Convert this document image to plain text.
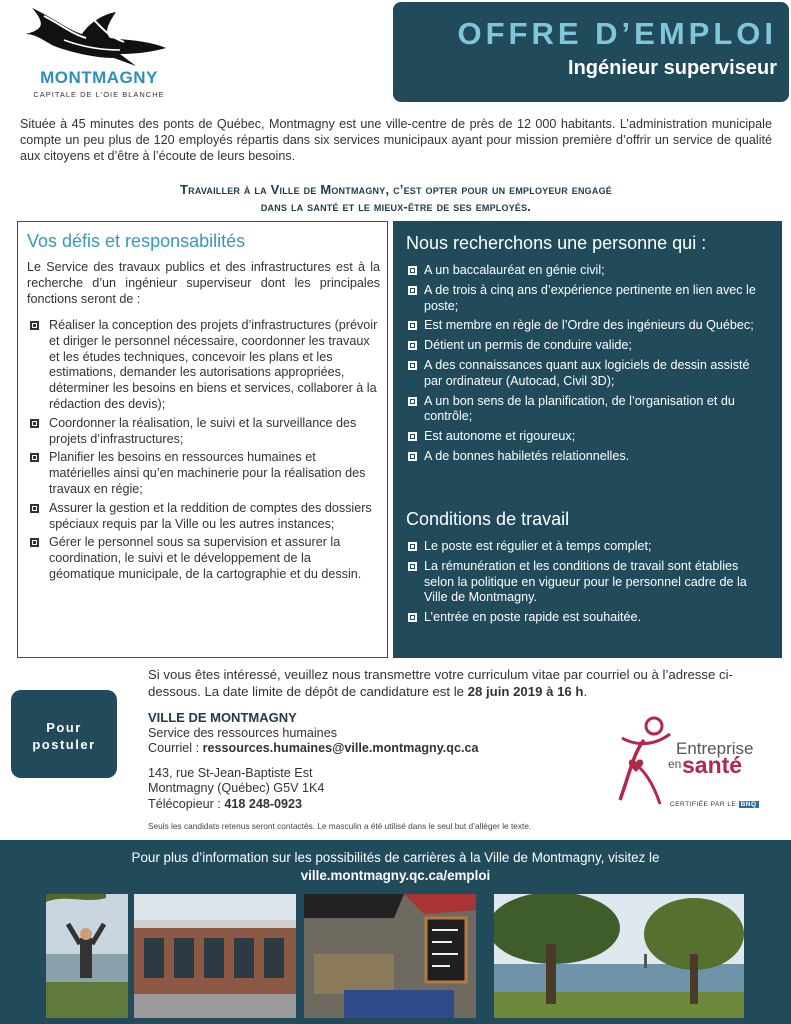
MONTMAGNY
CAPITALE DE L'OIE BLANCHE
OFFRE D’EMPLOI
Ingénieur superviseur

Située à 45 minutes des ponts de Québec, Montmagny est une ville-centre de près de 12 000 habitants. L’administration municipale compte un peu plus de 120 employés répartis dans six services municipaux ayant pour mission première d’offrir un service de qualité aux citoyens et d’être à l’écoute de leurs besoins.

Travailler à la Ville de Montmagny, c’est opter pour un employeur engagé
dans la santé et le mieux-être de ses employés.
Vos défis et responsabilités

Le Service des travaux publics et des infrastructures est à la recherche d’un ingénieur superviseur dont les principales fonctions seront de :

Réaliser la conception des projets d’infrastructures (prévoir et diriger le personnel nécessaire, coordonner les travaux et les études techniques, concevoir les plans et les estimations, demander les autorisations appropriées, déterminer les besoins en biens et services, collaborer à la rédaction des devis);
Coordonner la réalisation, le suivi et la surveillance des projets d’infrastructures;
Planifier les besoins en ressources humaines et matérielles ainsi qu’en machinerie pour la réalisation des travaux en régie;
Assurer la gestion et la reddition de comptes des dossiers spéciaux requis par la Ville ou les autres instances;
Gérer le personnel sous sa supervision et assurer la coordination, le suivi et le développement de la géomatique municipale, de la cartographie et du dessin.
Nous recherchons une personne qui :
A un baccalauréat en génie civil;
A de trois à cinq ans d’expérience pertinente en lien avec le poste;
Est membre en règle de l’Ordre des ingénieurs du Québec;
Détient un permis de conduire valide;
A des connaissances quant aux logiciels de dessin assisté par ordinateur (Autocad, Civil 3D);
A un bon sens de la planification, de l’organisation et du contrôle;
Est autonome et rigoureux;
A de bonnes habiletés relationnelles.
Conditions de travail
Le poste est régulier et à temps complet;
La rémunération et les conditions de travail sont établies selon la politique en vigueur pour le personnel cadre de la Ville de Montmagny.
L’entrée en poste rapide est souhaitée.

Si vous êtes intéressé, veuillez nous transmettre votre curriculum vitae par courriel ou à l’adresse ci-dessous. La date limite de dépôt de candidature est le 28 juin 2019 à 16 h.

Pour
postuler
VILLE DE MONTMAGNY
Service des ressources humaines
Courriel : ressources.humaines@ville.montmagny.qc.ca
143, rue St-Jean-Baptiste Est
Montmagny (Québec) G5V 1K4
Télécopieur : 418 248-0923

Seuls les candidats retenus seront contactés. Le masculin a été utilisé dans le seul but d’alléger le texte.

Entreprise
en santé
CERTIFIÉE PAR LE BNQ
Pour plus d’information sur les possibilités de carrières à la Ville de Montmagny, visitez le
ville.montmagny.qc.ca/emploi
